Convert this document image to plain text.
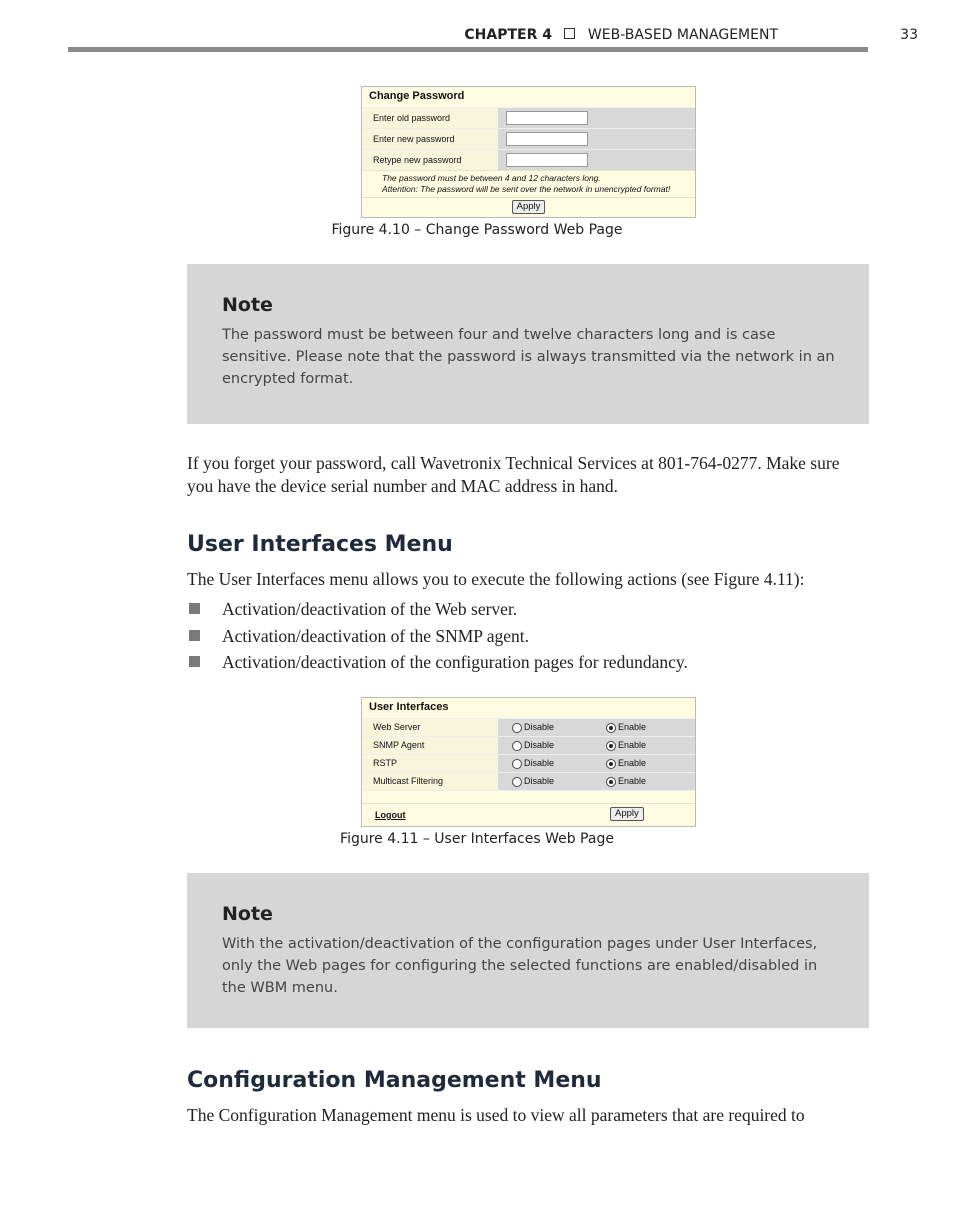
CHAPTER 4	WEB-BASED MANAGEMENT	33
Change Password
Enter old password
Enter new password
Retype new password
The password must be between 4 and 12 characters long.
Attention: The password will be sent over the network in unencrypted format!
Apply
Figure 4.10 – Change Password Web Page
Note
The password must be between four and twelve characters long and is case sensitive. Please note that the password is always transmitted via the network in an encrypted format.
If you forget your password, call Wavetronix Technical Services at 801-764-0277. Make sure you have the device serial number and MAC address in hand.
User Interfaces Menu
The User Interfaces menu allows you to execute the following actions (see Figure 4.11):
Activation/deactivation of the Web server.
Activation/deactivation of the SNMP agent.
Activation/deactivation of the configuration pages for redundancy.
User Interfaces
Web Server	Disable	Enable
SNMP Agent	Disable	Enable
RSTP	Disable	Enable
Multicast Filtering	Disable	Enable
Logout	Apply
Figure 4.11 – User Interfaces Web Page
Note
With the activation/deactivation of the configuration pages under User Interfaces, only the Web pages for configuring the selected functions are enabled/disabled in the WBM menu.
Configuration Management Menu
The Configuration Management menu is used to view all parameters that are required to
